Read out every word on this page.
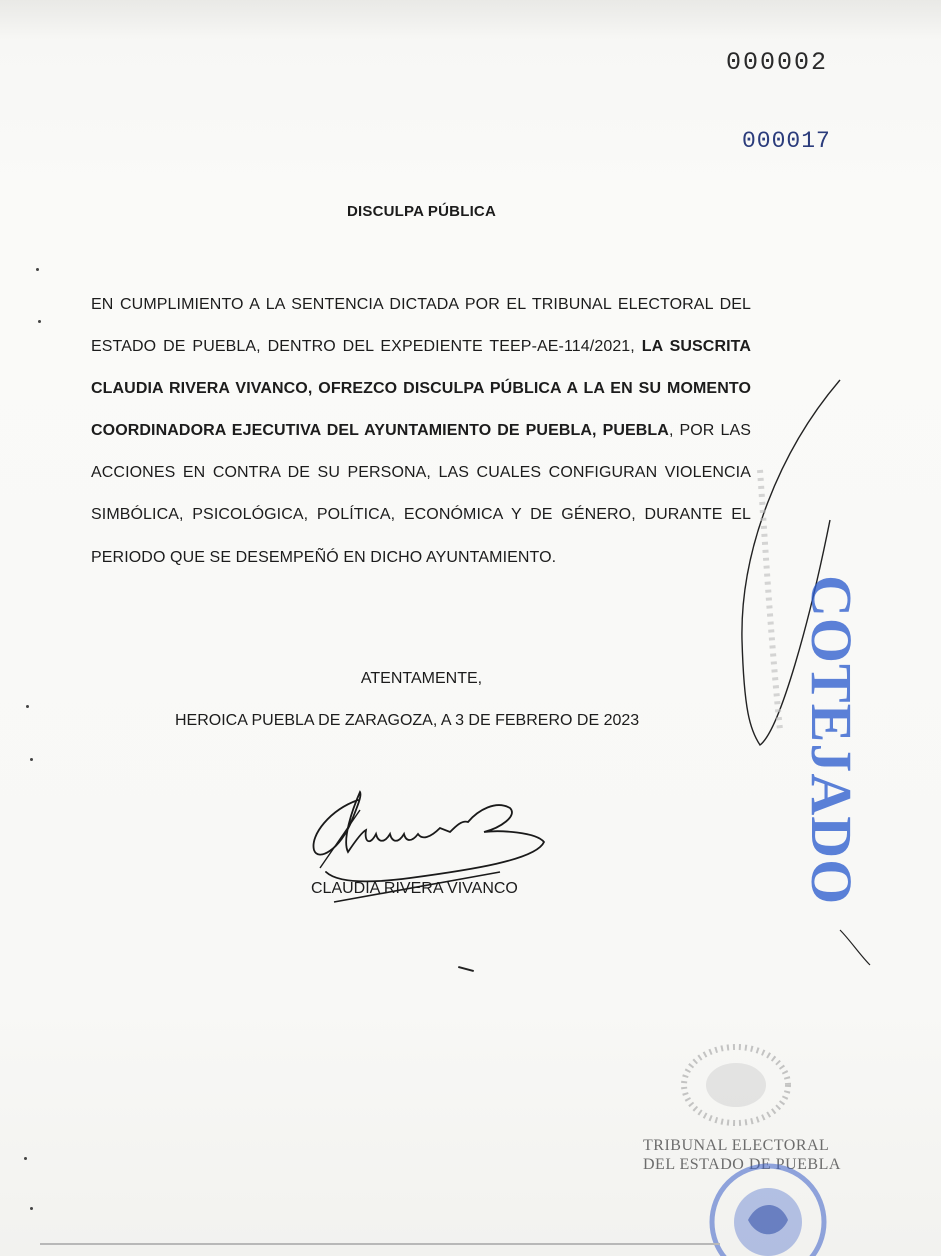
000002
000017
DISCULPA PÚBLICA
EN CUMPLIMIENTO A LA SENTENCIA DICTADA POR EL TRIBUNAL ELECTORAL DEL ESTADO DE PUEBLA, DENTRO DEL EXPEDIENTE TEEP-AE-114/2021, LA SUSCRITA CLAUDIA RIVERA VIVANCO, OFREZCO DISCULPA PÚBLICA A LA EN SU MOMENTO COORDINADORA EJECUTIVA DEL AYUNTAMIENTO DE PUEBLA, PUEBLA, POR LAS ACCIONES EN CONTRA DE SU PERSONA, LAS CUALES CONFIGURAN VIOLENCIA SIMBÓLICA, PSICOLÓGICA, POLÍTICA, ECONÓMICA Y DE GÉNERO, DURANTE EL PERIODO QUE SE DESEMPEÑÓ EN DICHO AYUNTAMIENTO.
ATENTAMENTE,
HEROICA PUEBLA DE ZARAGOZA, A 3 DE FEBRERO DE 2023
CLAUDIA RIVERA VIVANCO	COTEJADO
TRIBUNAL ELECTORAL
DEL ESTADO DE PUEBLA
